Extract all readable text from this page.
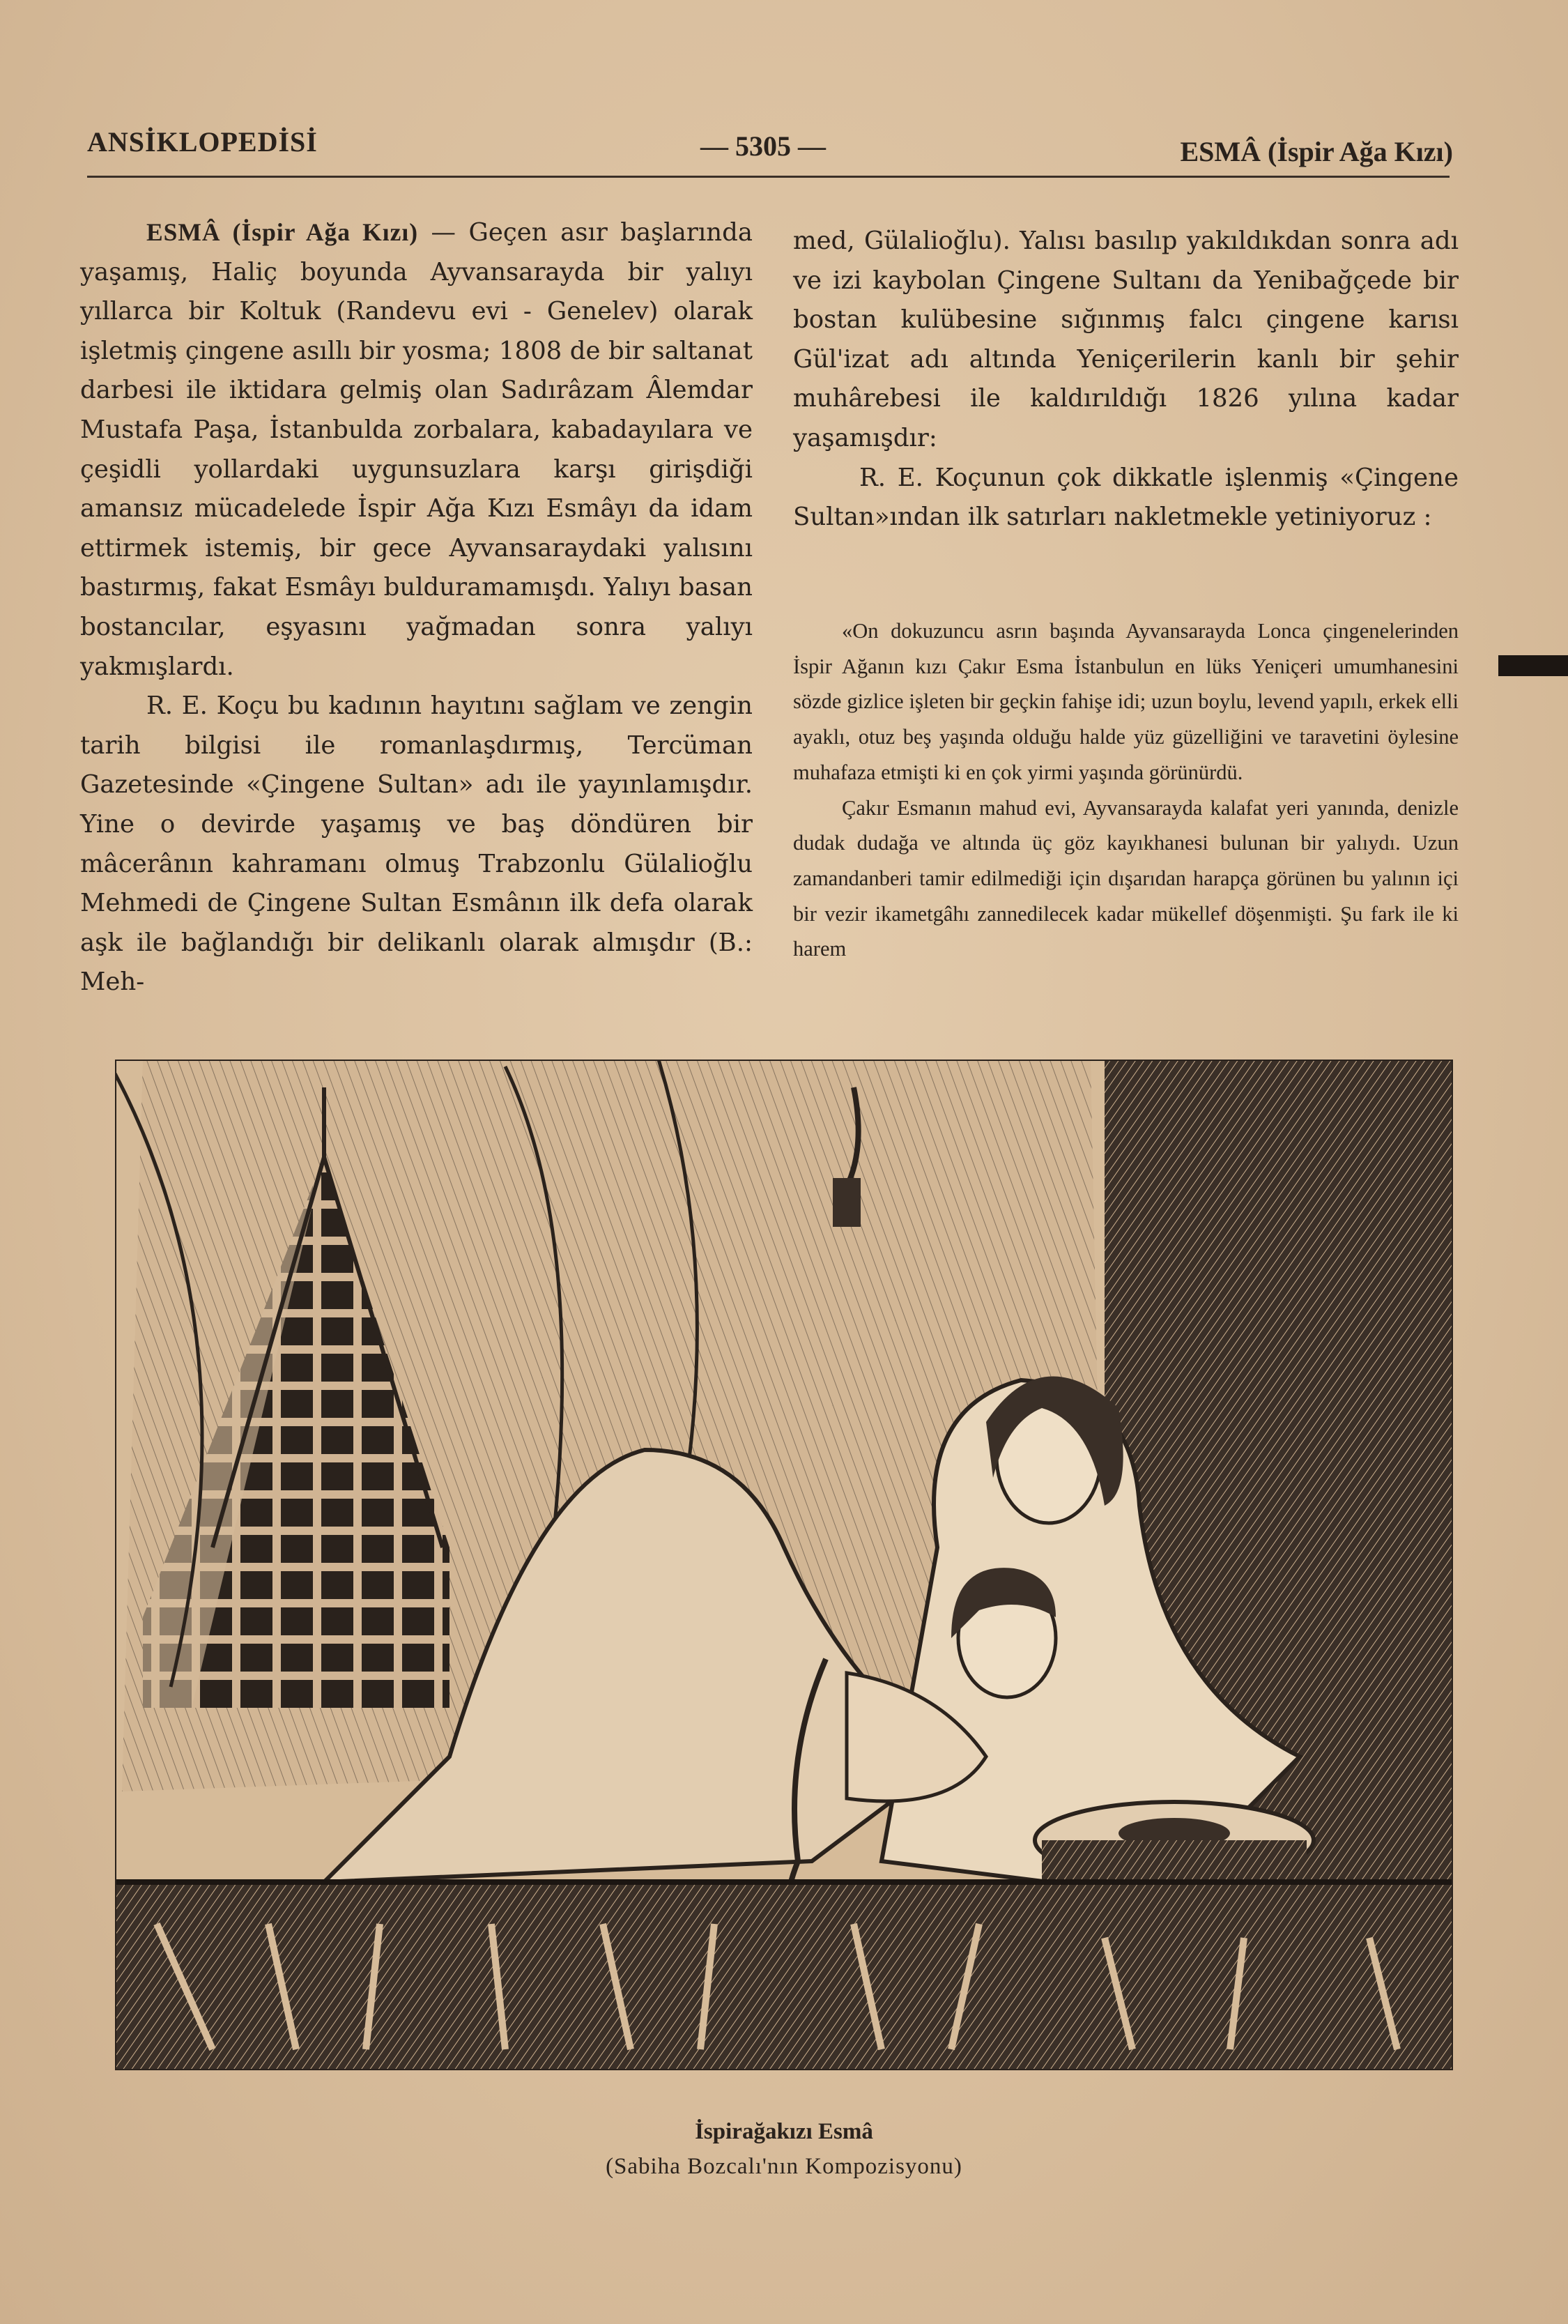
ANSİKLOPEDİSİ	— 5305 —	ESMÂ (İspir Ağa Kızı)

ESMÂ (İspir Ağa Kızı) — Geçen asır başlarında yaşamış, Haliç boyunda Ayvansarayda bir yalıyı yıllarca bir Koltuk (Randevu evi - Genelev) olarak işletmiş çingene asıllı bir yosma; 1808 de bir saltanat darbesi ile iktidara gelmiş olan Sadırâzam Âlemdar Mustafa Paşa, İstanbulda zorbalara, kabadayılara ve çeşidli yollardaki uygunsuzlara karşı girişdiği amansız mücadelede İspir Ağa Kızı Esmâyı da idam ettirmek istemiş, bir gece Ayvansaraydaki yalısını bastırmış, fakat Esmâyı bulduramamışdı. Yalıyı basan bostancılar, eşyasını yağmadan sonra yalıyı yakmışlardı.

R. E. Koçu bu kadının hayıtını sağlam ve zengin tarih bilgisi ile romanlaşdırmış, Tercüman Gazetesinde «Çingene Sultan» adı ile yayınlamışdır. Yine o devirde yaşamış ve baş döndüren bir mâcerânın kahramanı olmuş Trabzonlu Gülalioğlu Mehmedi de Çingene Sultan Esmânın ilk defa olarak aşk ile bağlandığı bir delikanlı olarak almışdır (B.: Meh-

med, Gülalioğlu). Yalısı basılıp yakıldıkdan sonra adı ve izi kaybolan Çingene Sultanı da Yenibağçede bir bostan kulübesine sığınmış falcı çingene karısı Gül'izat adı altında Yeniçerilerin kanlı bir şehir muhârebesi ile kaldırıldığı 1826 yılına kadar yaşamışdır:

R. E. Koçunun çok dikkatle işlenmiş «Çingene Sultan»ından ilk satırları nakletmekle yetiniyoruz :

«On dokuzuncu asrın başında Ayvansarayda Lonca çingenelerinden İspir Ağanın kızı Çakır Esma İstanbulun en lüks Yeniçeri umumhanesini sözde gizlice işleten bir geçkin fahişe idi; uzun boylu, levend yapılı, erkek elli ayaklı, otuz beş yaşında olduğu halde yüz güzelliğini ve taravetini öylesine muhafaza etmişti ki en çok yirmi yaşında görünürdü.

Çakır Esmanın mahud evi, Ayvansarayda kalafat yeri yanında, denizle dudak dudağa ve altında üç göz kayıkhanesi bulunan bir yalıydı. Uzun zamandanberi tamir edilmediği için dışarıdan harapça görünen bu yalının içi bir vezir ikametgâhı zannedilecek kadar mükellef döşenmişti. Şu fark ile ki harem

İspirağakızı Esmâ
(Sabiha Bozcalı'nın Kompozisyonu)
